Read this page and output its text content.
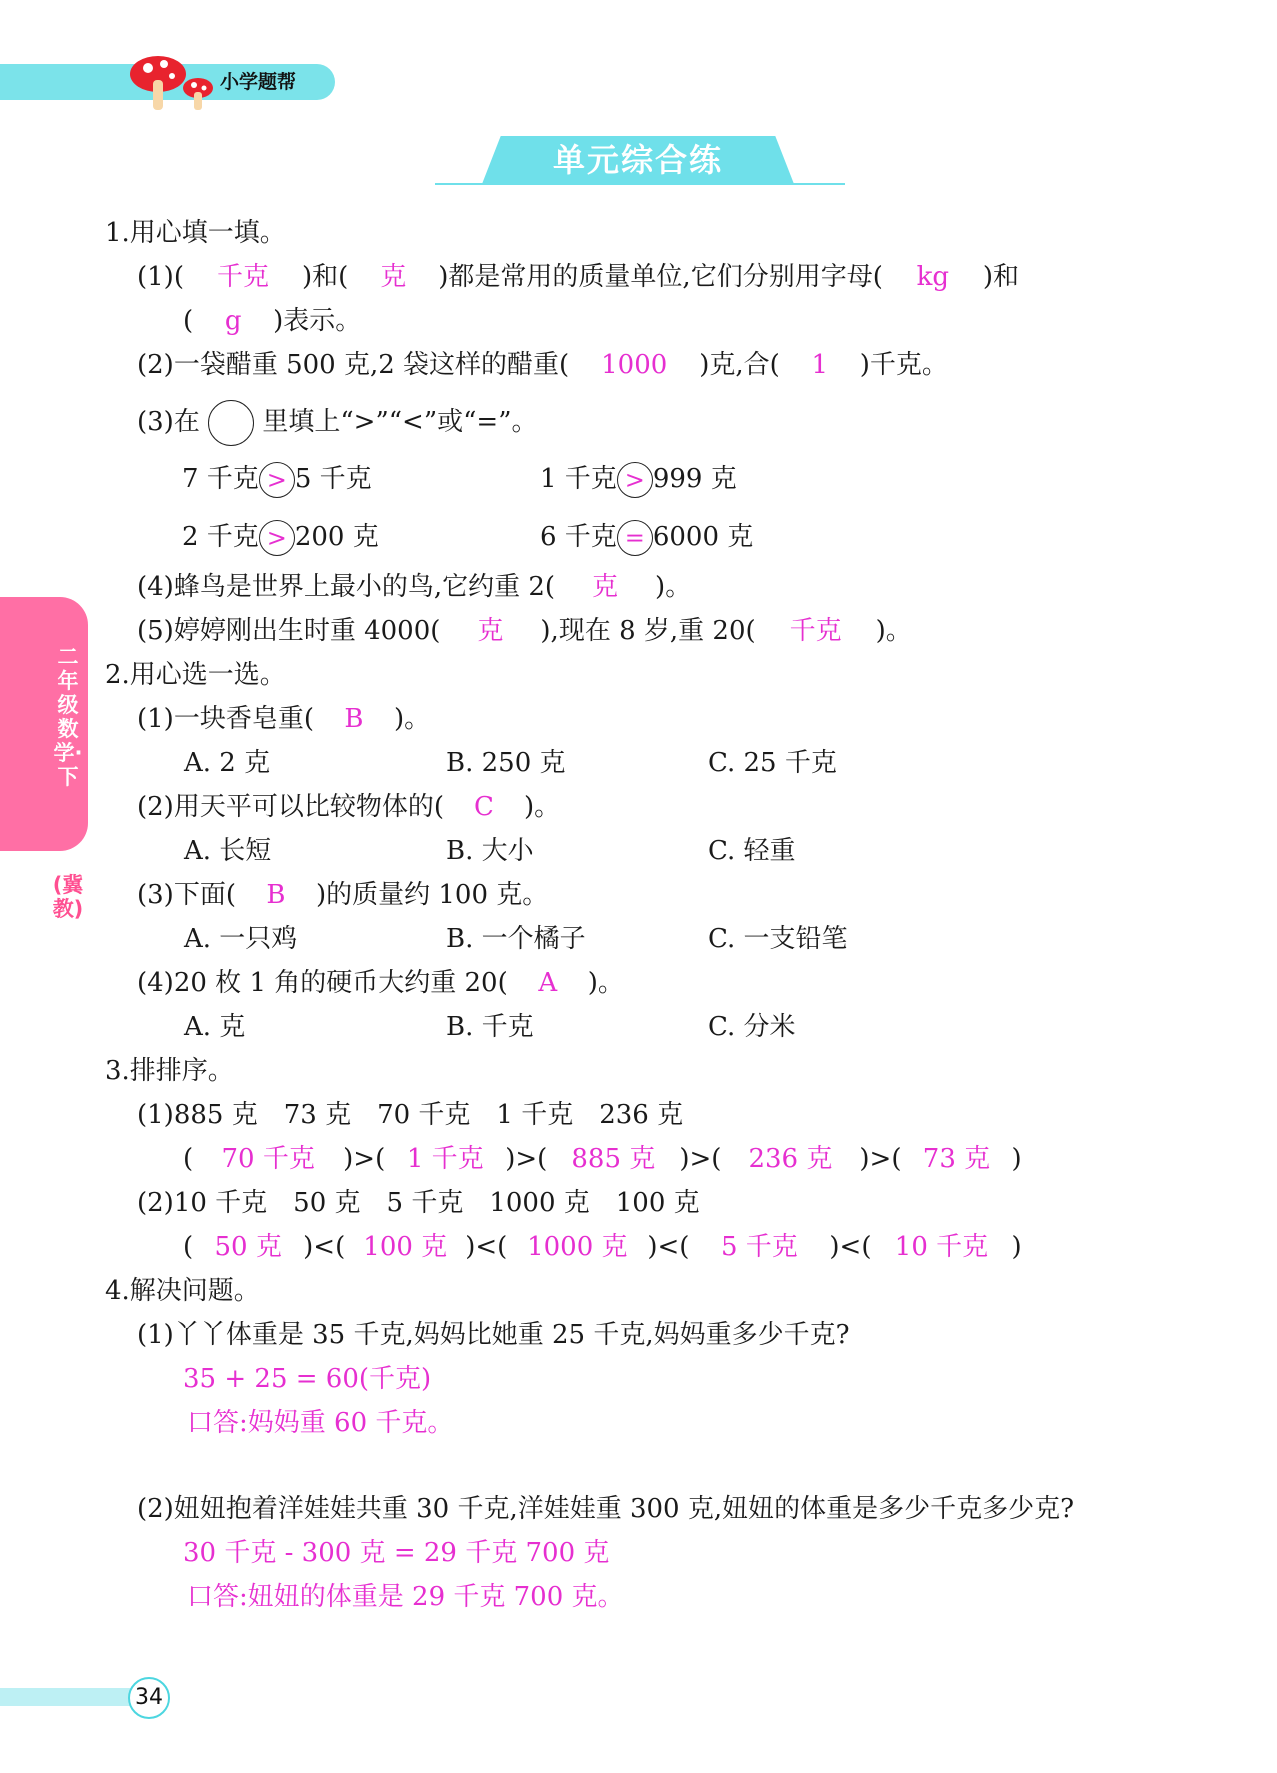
小学题帮
单元综合练
二年级数学·下
(冀教)
1.用心填一填。
(1)( 千克 )和( 克 )都是常用的质量单位,它们分别用字母( kg )和
( g )表示。
(2)一袋醋重 500 克,2 袋这样的醋重( 1000 )克,合( 1 )千克。
(3)在 里填上“>”“<”或“=”。
7 千克 > 5 千克	1 千克 > 999 克
2 千克 > 200 克	6 千克 = 6000 克
(4)蜂鸟是世界上最小的鸟,它约重 2( 克 )。
(5)婷婷刚出生时重 4000( 克 ),现在 8 岁,重 20( 千克 )。
2.用心选一选。
(1)一块香皂重( B )。
A. 2 克	B. 250 克	C. 25 千克
(2)用天平可以比较物体的( C )。
A. 长短	B. 大小	C. 轻重
(3)下面( B )的质量约 100 克。
A. 一只鸡	B. 一个橘子	C. 一支铅笔
(4)20 枚 1 角的硬币大约重 20( A )。
A. 克	B. 千克	C. 分米
3.排排序。
(1)885 克　73 克　70 千克　1 千克　236 克
( 70 千克 )>( 1 千克 )>( 885 克 )>( 236 克 )>( 73 克 )
(2)10 千克　50 克　5 千克　1000 克　100 克
( 50 克 )<( 100 克 )<( 1000 克 )<( 5 千克 )<( 10 千克 )
4.解决问题。
(1)丫丫体重是 35 千克,妈妈比她重 25 千克,妈妈重多少千克?
35 + 25 = 60(千克)
口答:妈妈重 60 千克。
(2)妞妞抱着洋娃娃共重 30 千克,洋娃娃重 300 克,妞妞的体重是多少千克多少克?
30 千克 - 300 克 = 29 千克 700 克
口答:妞妞的体重是 29 千克 700 克。
34
